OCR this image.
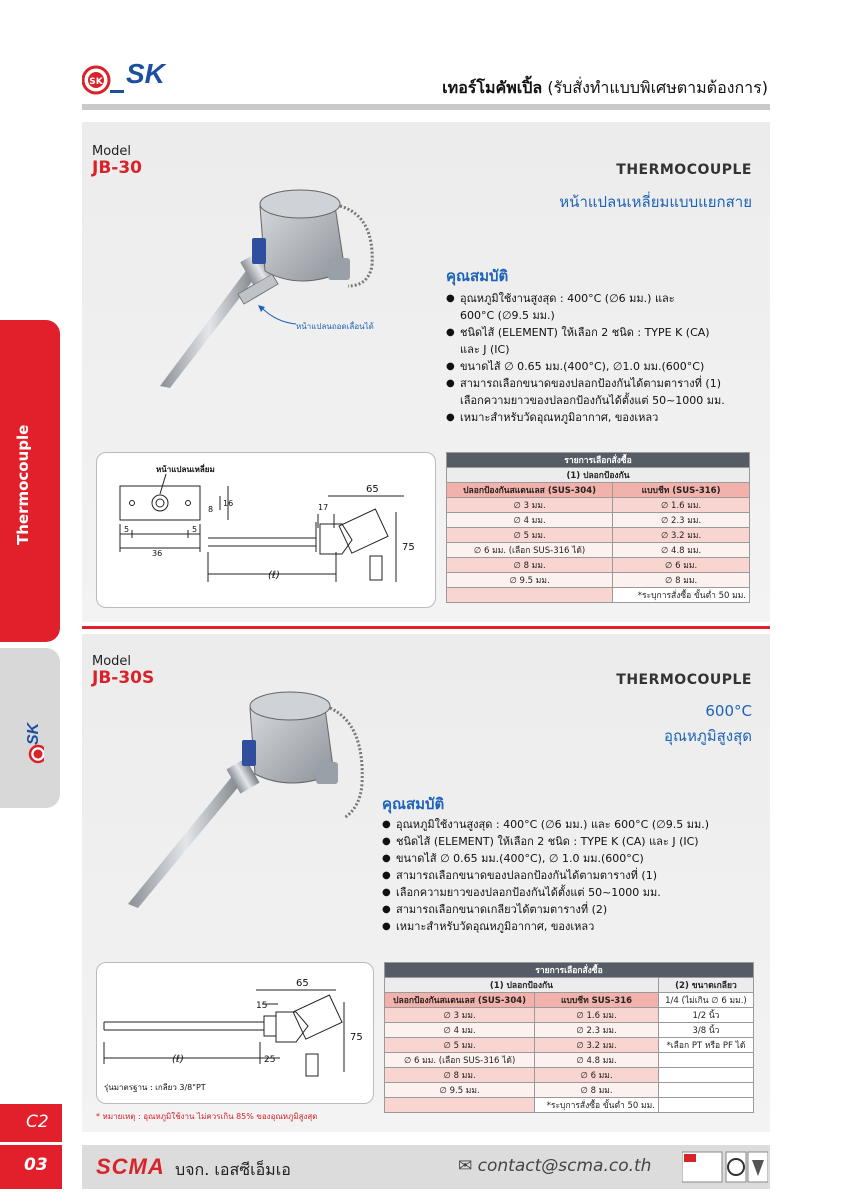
SK SK	เทอร์โมคัพเปิ้ล (รับสั่งทำแบบพิเศษตามต้องการ)
Thermocouple
SK
Model
JB-30	THERMOCOUPLE
หน้าแปลนเหลี่ยมแบบแยกสาย
หน้าแปลนถอดเลื่อนได้
คุณสมบัติ
● อุณหภูมิใช้งานสูงสุด : 400°C (∅6 มม.) และ
600°C (∅9.5 มม.)
● ชนิดไส้ (ELEMENT) ให้เลือก 2 ชนิด : TYPE K (CA)
และ J (IC)
● ขนาดไส้ ∅ 0.65 มม.(400°C), ∅1.0 มม.(600°C)
● สามารถเลือกขนาดของปลอกป้องกันได้ตามตารางที่ (1)
เลือกความยาวของปลอกป้องกันได้ตั้งแต่ 50~1000 มม.
● เหมาะสำหรับวัดอุณหภูมิอากาศ, ของเหลว
หน้าแปลนเหลี่ยม
5	5
36
8
16	17
65
75
(ℓ)
รายการเลือกสั่งซื้อ	
(1) ปลอกป้องกัน	
ปลอกป้องกันสแตนเลส (SUS-304)	แบบชีท (SUS-316)
∅ 3 มม.	∅ 1.6 มม.
∅ 4 มม.	∅ 2.3 มม.
∅ 5 มม.	∅ 3.2 มม.
∅ 6 มม. (เลือก SUS-316 ได้)	∅ 4.8 มม.
∅ 8 มม.	∅ 6 มม.
∅ 9.5 มม.	∅ 8 มม.
	*ระบุการสั่งซื้อ ขั้นต่ำ 50 มม.
Model
JB-30S	THERMOCOUPLE
600°C
อุณหภูมิสูงสุด
คุณสมบัติ
● อุณหภูมิใช้งานสูงสุด : 400°C (∅6 มม.) และ 600°C (∅9.5 มม.)
● ชนิดไส้ (ELEMENT) ให้เลือก 2 ชนิด : TYPE K (CA) และ J (IC)
● ขนาดไส้ ∅ 0.65 มม.(400°C), ∅ 1.0 มม.(600°C)
● สามารถเลือกขนาดของปลอกป้องกันได้ตามตารางที่ (1)
● เลือกความยาวของปลอกป้องกันได้ตั้งแต่ 50~1000 มม.
● สามารถเลือกขนาดเกลียวได้ตามตารางที่ (2)
● เหมาะสำหรับวัดอุณหภูมิอากาศ, ของเหลว
15
65
75
25
(ℓ)
รุ่นมาตรฐาน : เกลียว 3/8"PT
รายการเลือกสั่งซื้อ		
(1) ปลอกป้องกัน		(2) ขนาดเกลียว
ปลอกป้องกันสแตนเลส (SUS-304)	แบบชีท SUS-316	1/4 (ไม่เกิน ∅ 6 มม.)
∅ 3 มม.	∅ 1.6 มม.	1/2 นิ้ว
∅ 4 มม.	∅ 2.3 มม.	3/8 นิ้ว
∅ 5 มม.	∅ 3.2 มม.	*เลือก PT หรือ PF ได้
∅ 6 มม. (เลือก SUS-316 ได้)	∅ 4.8 มม.	
∅ 8 มม.	∅ 6 มม.	
∅ 9.5 มม.	∅ 8 มม.	
	*ระบุการสั่งซื้อ ขั้นต่ำ 50 มม.	
C2	* หมายเหตุ : อุณหภูมิใช้งาน ไม่ควรเกิน 85% ของอุณหภูมิสูงสุด
03	SCMA บจก. เอสซีเอ็มเอ	✉ contact@scma.co.th
